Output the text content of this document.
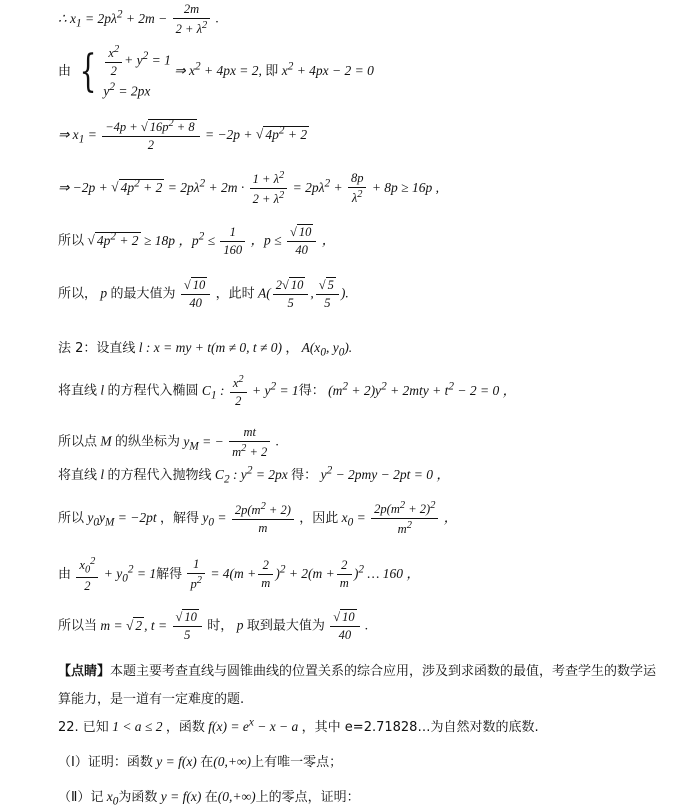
∴ $x_1 = 2p\lambda^2 + 2m - \frac{2m}{2 + \lambda^2}$ .
由 { $\frac{x^2}{2} + y^2 = 1$
$y^2 = 2px$
⇒ $x^2 + 4px = 2$, 即 $x^2 + 4px - 2 = 0$
⇒ $x_1 = \frac{-4p + √ 16p^2 + 8}{2} = -2p$ + √ $4p^2 + 2$
⇒ −2p + √ $4p^2 + 2 = 2p\lambda^2 + 2m \cdot \frac{1 + \lambda^2}{2 + \lambda^2} = 2p\lambda^2 + \frac{8p}{\lambda^2} + 8p \ge 16p$ ,
所以 √ $4p^2 + 2 \ge 18p$ ，$p^2 \le \frac{1}{160}$ ，$p \le \frac{√ 10}{40}$ ，
所以， p 的最大值为 $\frac{√ 10}{40}$ ，此时 $A( \frac{2√ 10}{5}$ , $\frac{√ 5}{5}$ ).
法 2：设直线 l : x = my + t(m ≠ 0, t ≠ 0) ， $A(x_0$, $y_0$).
将直线 l 的方程代入椭圆 $C_1$ : $\frac{x^2}{2} + y^2 = 1$得： $(m^2 + 2)y^2 + 2mty + t^2 - 2 = 0$ ，
所以点 M 的纵坐标为 $y_M$ = − $\frac{mt}{m^2 + 2}$ .
将直线 l 的方程代入抛物线 $C_2$ : $y^2 = 2px$ 得： $y^2 - 2pmy - 2pt = 0$ ，
所以 $y_0y_M = -2pt$ ，解得 $y_0 = \frac{2p(m^2 + 2)}{m}$ ，因此 $x_0 = \frac{2p(m^2 + 2)^2}{m^2}$ ，
由 $\frac{x_0^2}{2} + y_0^2 = 1$解得 $\frac{1}{p^2} = 4(m + \frac{2}{m} )^2 + 2(m + \frac{2}{m} )^2$ … 160 ，
所以当 m = √ 2 , $t = \frac{√ 10}{5}$ 时， p 取到最大值为 $\frac{√ 10}{40}$ .
【点睛】本题主要考查直线与圆锥曲线的位置关系的综合应用，涉及到求函数的最值，考查学生的数学运
算能力，是一道有一定难度的题.
22. 已知 1 < a ≤ 2 ，函数 $f(x) = e^x - x - a$ ，其中 e=2.71828…为自然对数的底数.
（Ⅰ）证明：函数 y = f(x) 在(0,+∞)上有唯一零点；
（Ⅱ）记 $x_0$为函数 y = f(x) 在(0,+∞)上的零点，证明：
